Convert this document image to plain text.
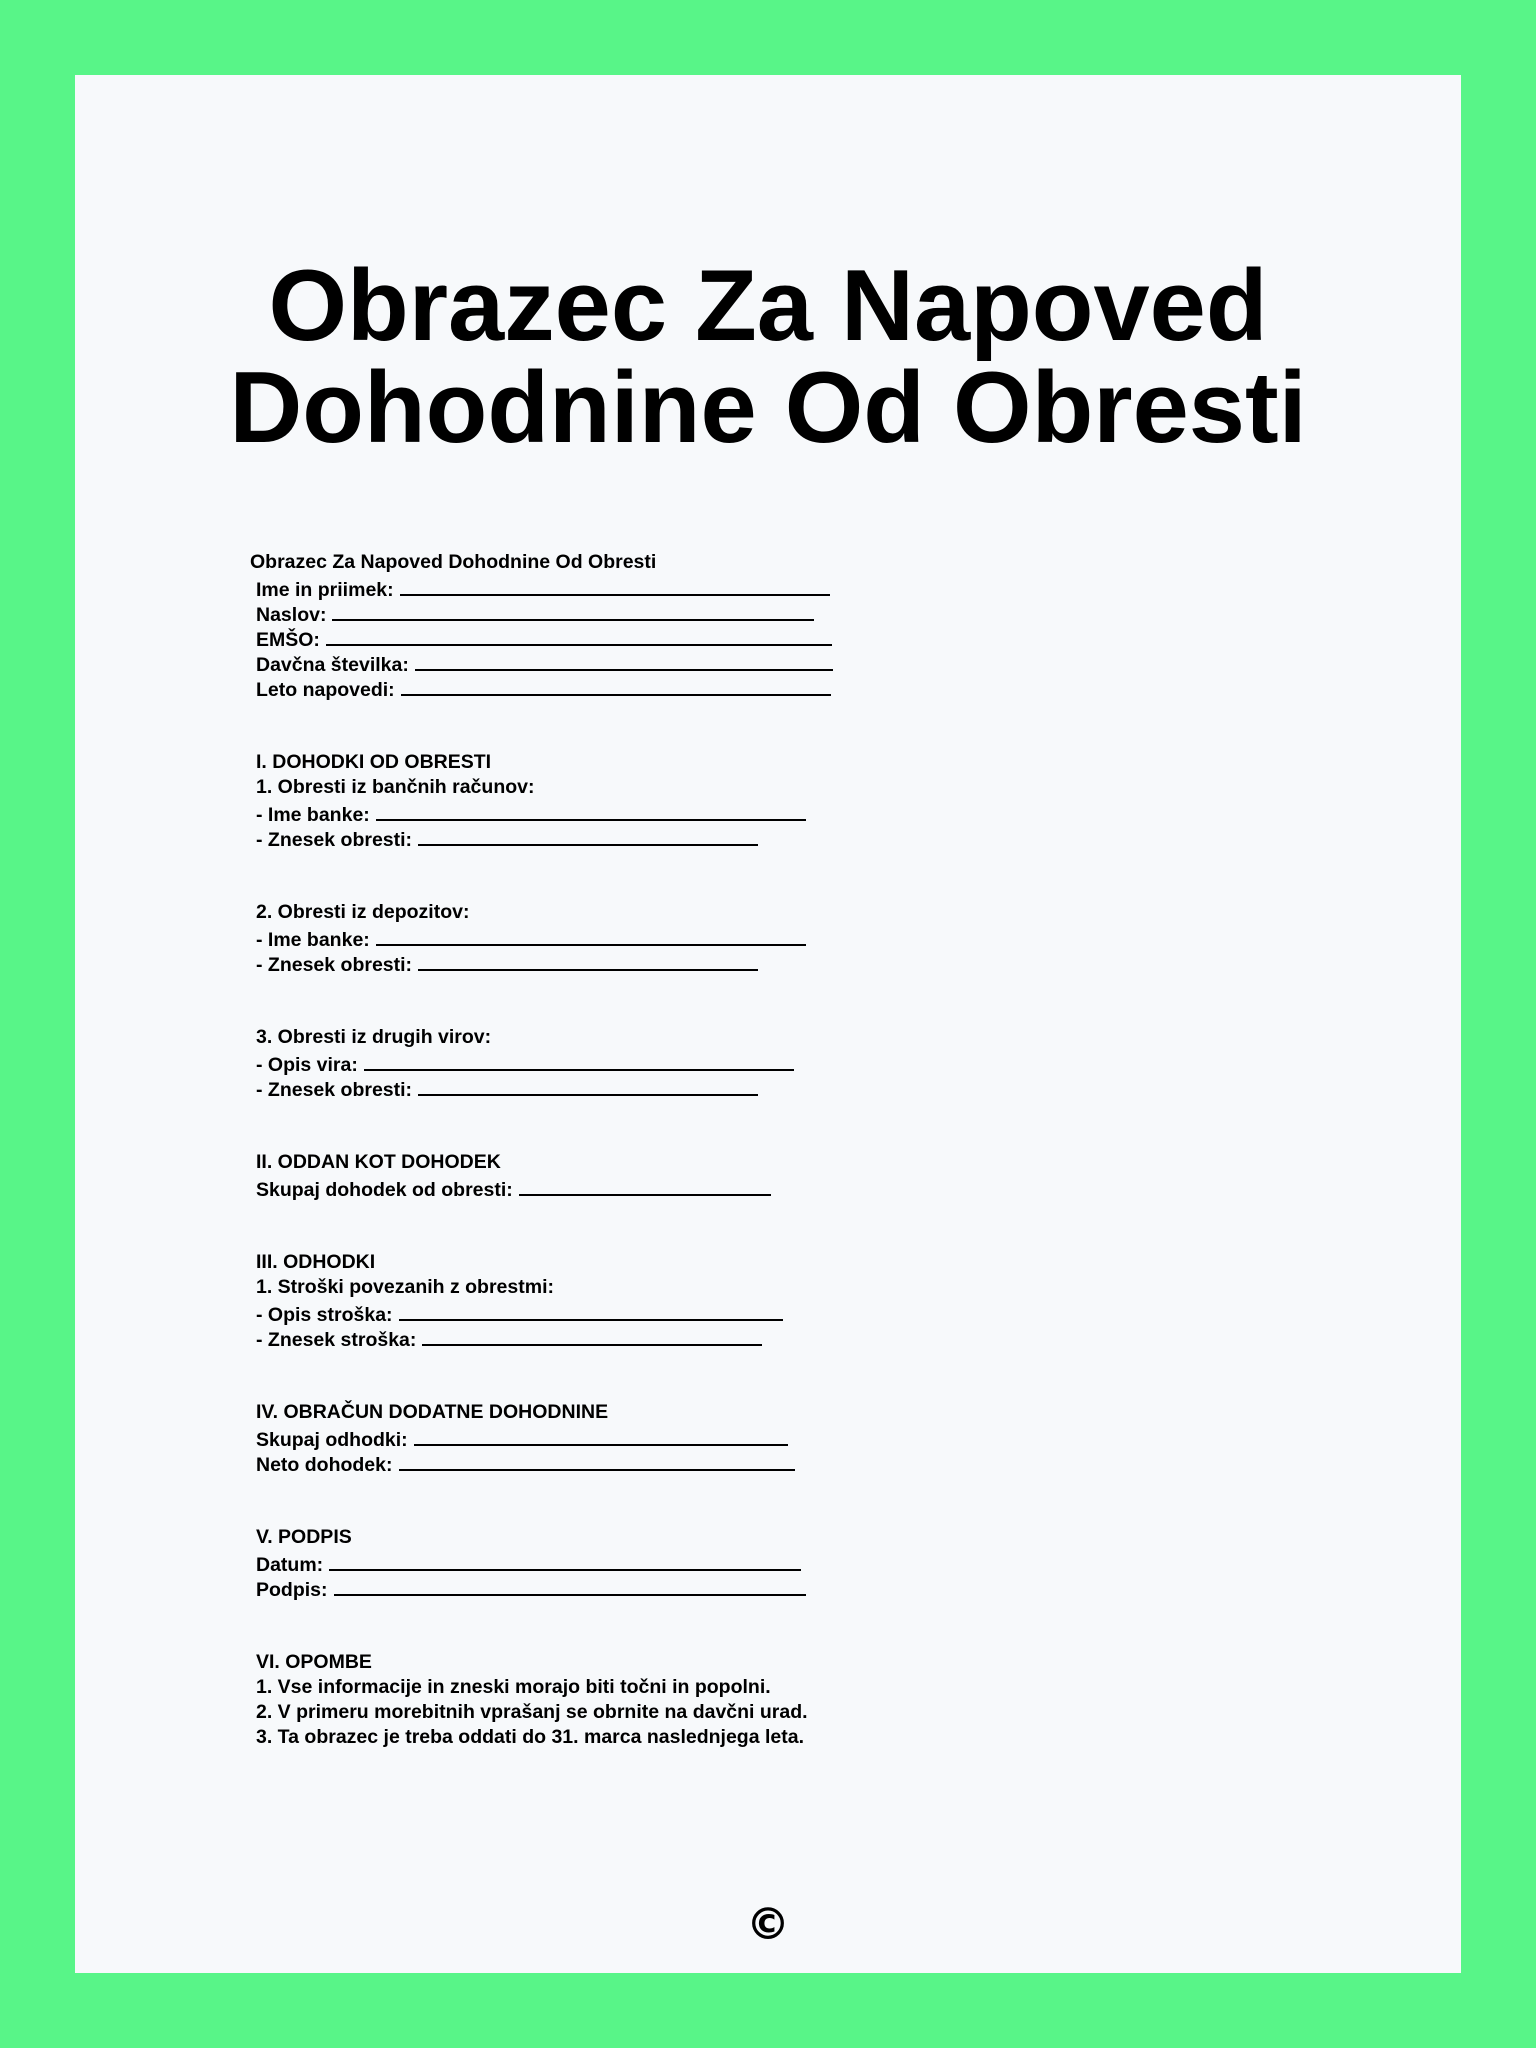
Obrazec Za Napoved
Dohodnine Od Obresti
Obrazec Za Napoved Dohodnine Od Obresti
Ime in priimek:
Naslov:
EMŠO:
Davčna številka:
Leto napovedi:
I. DOHODKI OD OBRESTI
1. Obresti iz bančnih računov:
- Ime banke:
- Znesek obresti:
2. Obresti iz depozitov:
- Ime banke:
- Znesek obresti:
3. Obresti iz drugih virov:
- Opis vira:
- Znesek obresti:
II. ODDAN KOT DOHODEK
Skupaj dohodek od obresti:
III. ODHODKI
1. Stroški povezanih z obrestmi:
- Opis stroška:
- Znesek stroška:
IV. OBRAČUN DODATNE DOHODNINE
Skupaj odhodki:
Neto dohodek:
V. PODPIS
Datum:
Podpis:
VI. OPOMBE
1. Vse informacije in zneski morajo biti točni in popolni.
2. V primeru morebitnih vprašanj se obrnite na davčni urad.
3. Ta obrazec je treba oddati do 31. marca naslednjega leta.
©
